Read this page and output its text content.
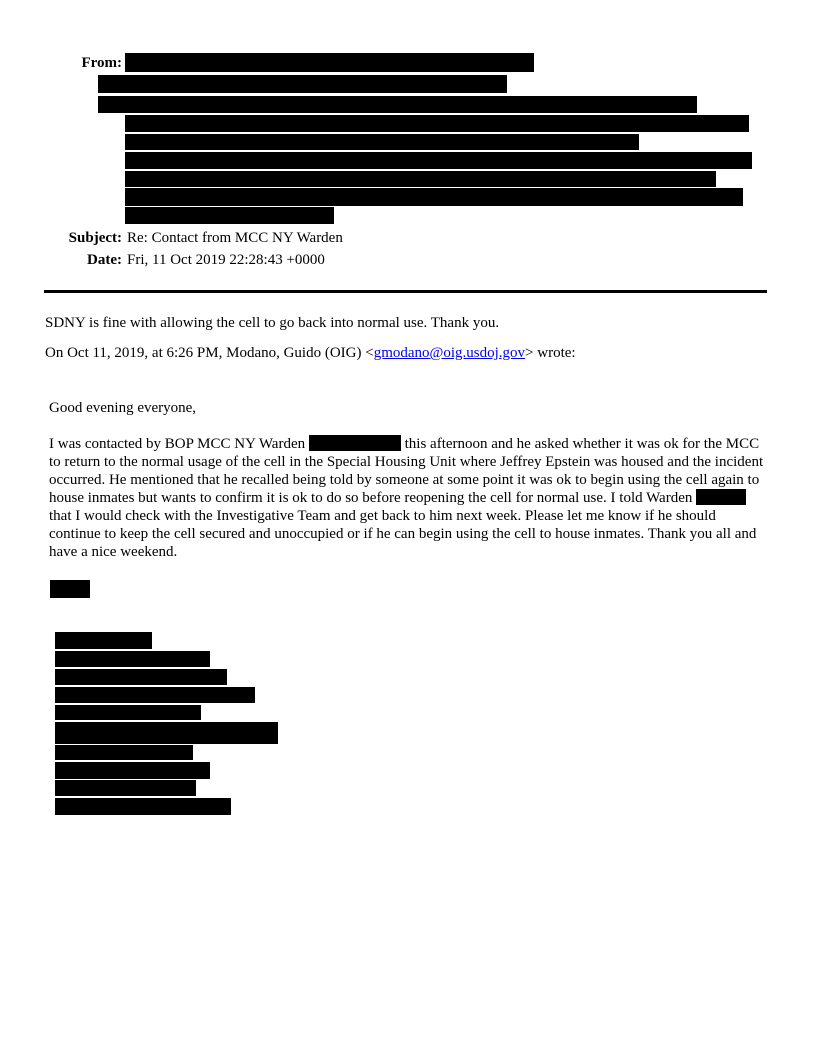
From:
Subject: Re: Contact from MCC NY Warden
Date: Fri, 11 Oct 2019 22:28:43 +0000
SDNY is fine with allowing the cell to go back into normal use. Thank you.
On Oct 11, 2019, at 6:26 PM, Modano, Guido (OIG) <gmodano@oig.usdoj.gov> wrote:
Good evening everyone,
I was contacted by BOP MCC NY Warden	this afternoon and he asked whether it was ok for the MCC to return to the normal usage of the cell in the Special Housing Unit where Jeffrey Epstein was housed and the incident occurred. He mentioned that he recalled being told by someone at some point it was ok to begin using the cell again to house inmates but wants to confirm it is ok to do so before reopening the cell for normal use. I told Warden that I would check with the Investigative Team and get back to him next week. Please let me know if he should continue to keep the cell secured and unoccupied or if he can begin using the cell to house inmates. Thank you all and have a nice weekend.
